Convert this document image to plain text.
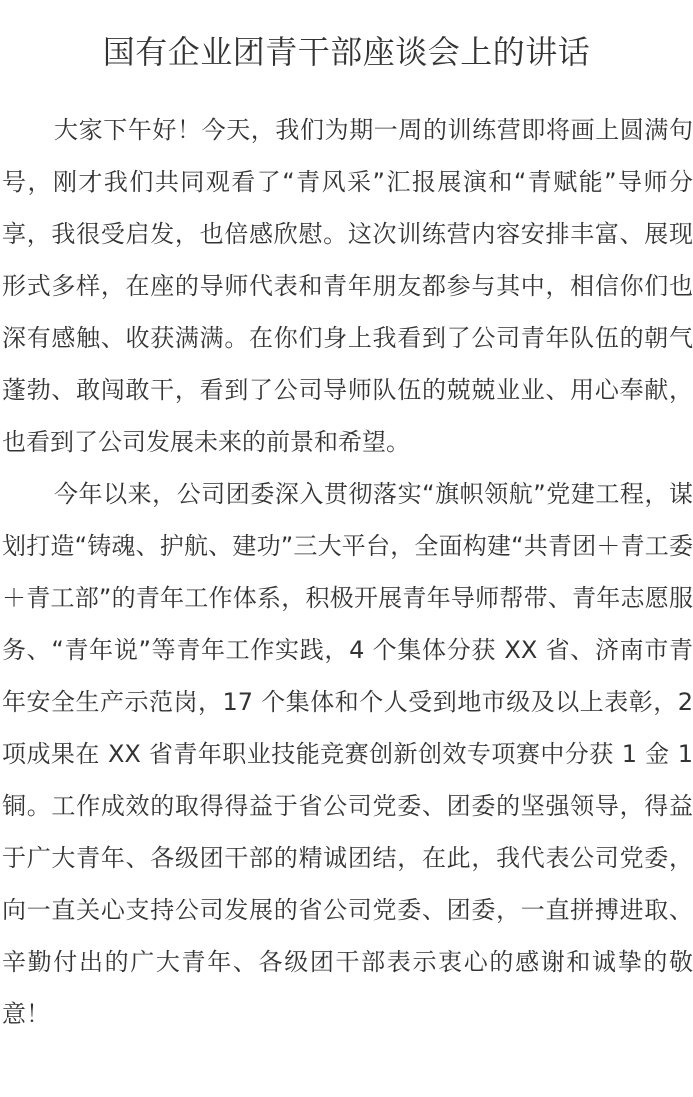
国有企业团青干部座谈会上的讲话

大家下午好！今天，我们为期一周的训练营即将画上圆满句号，刚才我们共同观看了“青风采”汇报展演和“青赋能”导师分享，我很受启发，也倍感欣慰。这次训练营内容安排丰富、展现形式多样，在座的导师代表和青年朋友都参与其中，相信你们也深有感触、收获满满。在你们身上我看到了公司青年队伍的朝气蓬勃、敢闯敢干，看到了公司导师队伍的兢兢业业、用心奉献，也看到了公司发展未来的前景和希望。

今年以来，公司团委深入贯彻落实“旗帜领航”党建工程，谋划打造“铸魂、护航、建功”三大平台，全面构建“共青团＋青工委＋青工部”的青年工作体系，积极开展青年导师帮带、青年志愿服务、“青年说”等青年工作实践，4 个集体分获 XX 省、济南市青年安全生产示范岗，17 个集体和个人受到地市级及以上表彰，2 项成果在 XX 省青年职业技能竞赛创新创效专项赛中分获 1 金 1 铜。工作成效的取得得益于省公司党委、团委的坚强领导，得益于广大青年、各级团干部的精诚团结，在此，我代表公司党委，向一直关心支持公司发展的省公司党委、团委，一直拼搏进取、辛勤付出的广大青年、各级团干部表示衷心的感谢和诚挚的敬意！
